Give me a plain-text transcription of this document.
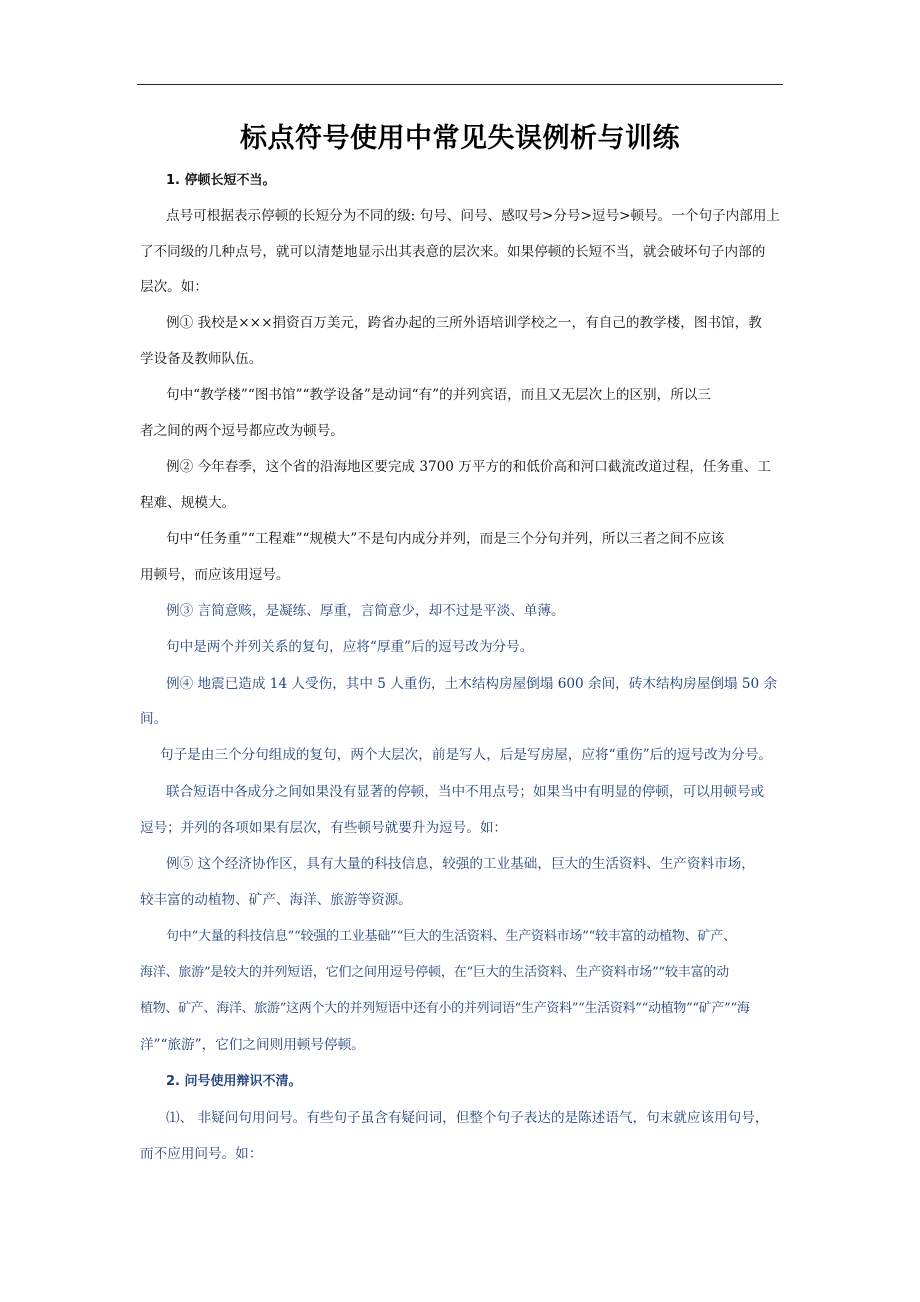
标点符号使用中常见失误例析与训练
1. 停顿长短不当。
点号可根据表示停顿的长短分为不同的级: 句号、问号、感叹号>分号>逗号>顿号。一个句子内部用上
了不同级的几种点号，就可以清楚地显示出其表意的层次来。如果停顿的长短不当，就会破坏句子内部的
层次。如：
例① 我校是×××捐资百万美元，跨省办起的三所外语培训学校之一，有自己的教学楼，图书馆，教
学设备及教师队伍。
句中“教学楼”“图书馆”“教学设备”是动词“有”的并列宾语，而且又无层次上的区别，所以三
者之间的两个逗号都应改为顿号。
例② 今年春季，这个省的沿海地区要完成 3700 万平方的和低价高和河口截流改道过程，任务重、工
程难、规模大。
句中“任务重”“工程难”“规模大”不是句内成分并列，而是三个分句并列，所以三者之间不应该
用顿号，而应该用逗号。
例③ 言简意赅，是凝练、厚重，言简意少，却不过是平淡、单薄。
句中是两个并列关系的复句，应将“厚重”后的逗号改为分号。
例④ 地震已造成 14 人受伤，其中 5 人重伤，土木结构房屋倒塌 600 余间，砖木结构房屋倒塌 50 余
间。
句子是由三个分句组成的复句，两个大层次，前是写人，后是写房屋，应将“重伤”后的逗号改为分号。
联合短语中各成分之间如果没有显著的停顿，当中不用点号；如果当中有明显的停顿，可以用顿号或
逗号；并列的各项如果有层次，有些顿号就要升为逗号。如：
例⑤ 这个经济协作区，具有大量的科技信息，较强的工业基础，巨大的生活资料、生产资料市场，
较丰富的动植物、矿产、海洋、旅游等资源。
句中“大量的科技信息”“较强的工业基础”“巨大的生活资料、生产资料市场”“较丰富的动植物、矿产、
海洋、旅游”是较大的并列短语，它们之间用逗号停顿，在“巨大的生活资料、生产资料市场”“较丰富的动
植物、矿产、海洋、旅游”这两个大的并列短语中还有小的并列词语“生产资料”“生活资料”“动植物”“矿产”“海
洋”“旅游”，它们之间则用顿号停顿。
2. 问号使用辩识不清。
⑴、 非疑问句用问号。有些句子虽含有疑问词，但整个句子表达的是陈述语气，句末就应该用句号，
而不应用问号。如：
